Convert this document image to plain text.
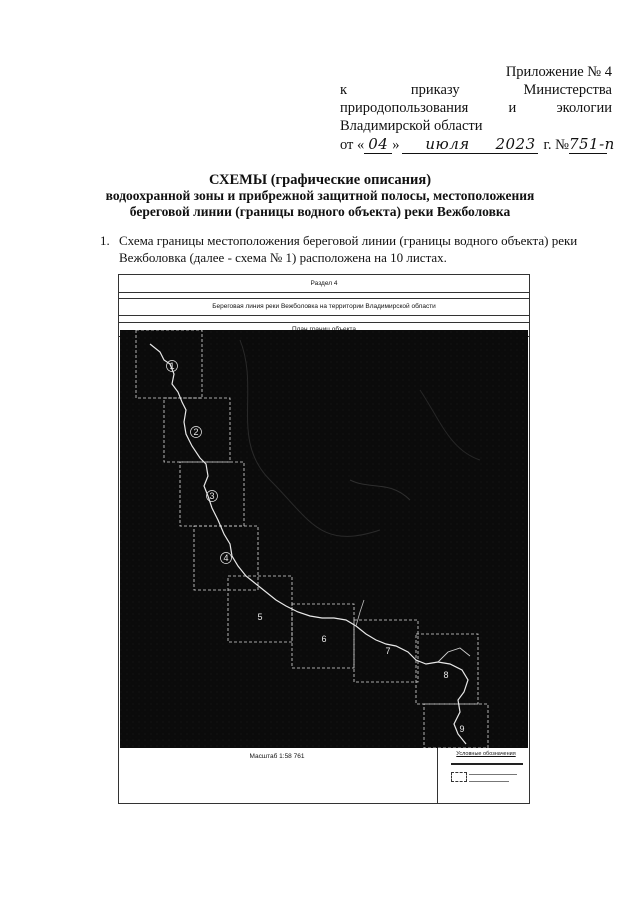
Приложение № 4
к	приказу	Министерства
природопользования	и	экологии
Владимирской области
от « 04 »	июля	2023 г. № 751-п
СХЕМЫ (графические описания)
водоохранной зоны и прибрежной защитной полосы, местоположения
береговой линии (границы водного объекта) реки Вежболовка
1. Схема границы местоположения береговой линии (границы водного объекта) реки
Вежболовка (далее - схема № 1) расположена на 10 листах.
Раздел 4
Береговая линия реки Вежболовка на территории Владимирской области
1
2
3
4
5
6
7
8
9
Масштаб 1:58 761	Условные обозначения
